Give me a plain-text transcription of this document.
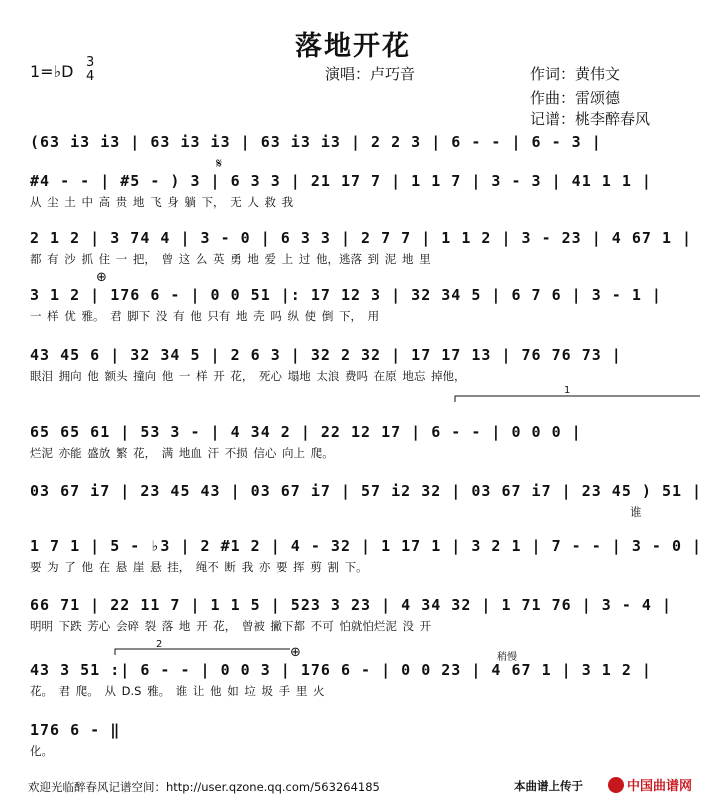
落地开花
1=♭D 3
4	演唱：卢巧音	作词：黄伟文
作曲：雷颂德
记谱：桃李醉春风
(63 i3 i3 | 63 i3 i3 | 63 i3 i3 | 2 2 3 | 6 - - | 6 - 3 |
#4 - - | #5 - ) 3 | 6 3 3 | 21 17 7 | 1 1 7 | 3 - 3 | 41 1 1 |
从 尘 土 中 高 贵 地 飞 身 躺 下， 无 人 救 我
2 1 2 | 3 74 4 | 3 - 0 | 6 3 3 | 2 7 7 | 1 1 2 | 3 - 23 | 4 67 1 |
都 有 沙 抓 住 一 把， 曾 这 么 英 勇 地 爱 上 过 他，逃落 到 泥 地 里
3 1 2 | 176 6 - | 0 0 51 |: 17 12 3 | 32 34 5 | 6 7 6 | 3 - 1 |
一 样 优 雅。 君 脚下 没 有 他 只有 地 壳 吗 纵 使 倒 下， 用
43 45 6 | 32 34 5 | 2 6 3 | 32 2 32 | 17 17 13 | 76 76 73 |
眼泪 拥向 他 额头 撞向 他 一 样 开 花， 死心 塌地 太浪 费吗 在原 地忘 掉他，
65 65 61 | 53 3 - | 4 34 2 | 22 12 17 | 6 - - | 0 0 0 |
烂泥 亦能 盛放 繁 花， 满 地血 汗 不损 信心 向上 爬。
03 67 i7 | 23 45 43 | 03 67 i7 | 57 i2 32 | 03 67 i7 | 23 45 ) 51 |
谁
1 7 1 | 5 - ♭3 | 2 #1 2 | 4 - 32 | 1 17 1 | 3 2 1 | 7 - - | 3 - 0 |
要 为 了 他 在 悬 崖 悬 挂， 绳不 断 我 亦 要 挥 剪 割 下。
66 71 | 22 11 7 | 1 1 5 | 523 3 23 | 4 34 32 | 1 71 76 | 3 - 4 |
明明 下跌 芳心 会碎 裂 落 地 开 花， 曾被 撇下都 不可 怕就怕烂泥 没 开
43 3 51 :| 6 - - | 0 0 3 | 176 6 - | 0 0 23 | 4 67 1 | 3 1 2 |
花。 君 爬。 从 D.S 雅。 谁 让 他 如 垃 圾 手 里 火
176 6 - ‖
化。
𝄋
⊕
⊕
1
2
稍慢
欢迎光临醉春风记谱空间：http://user.qzone.qq.com/563264185	本曲谱上传于	中国曲谱网
